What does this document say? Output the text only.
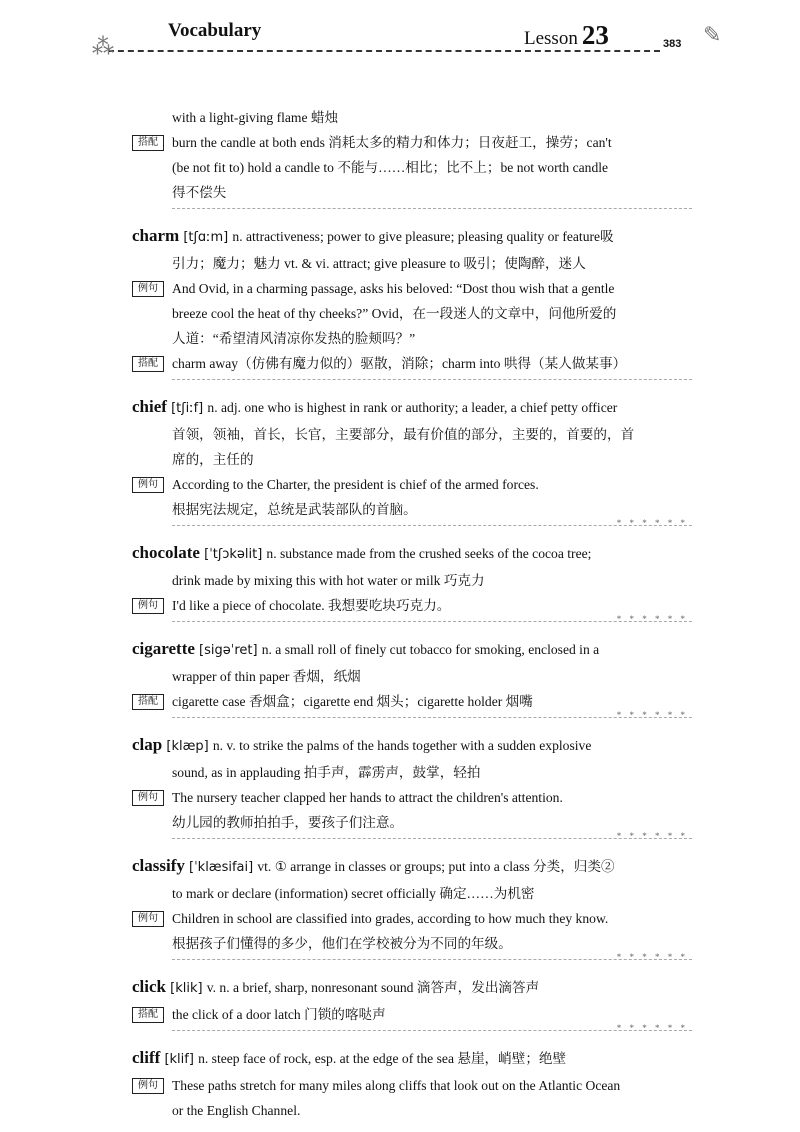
Vocabulary	Lesson 23	383
⁂	✎
with a light-giving flame 蜡烛
搭配	burn the candle at both ends 消耗太多的精力和体力；日夜赶工，操劳；can't
(be not fit to) hold a candle to 不能与……相比；比不上；be not worth candle
得不偿失
charm [tʃɑːm] n. attractiveness; power to give pleasure; pleasing quality or feature吸
引力；魔力；魅力 vt. & vi. attract; give pleasure to 吸引；使陶醉，迷人
例句	And Ovid, in a charming passage, asks his beloved: “Dost thou wish that a gentle
breeze cool the heat of thy cheeks?” Ovid，在一段迷人的文章中，问他所爱的
人道：“希望清风清凉你发热的脸颊吗？”
搭配	charm away（仿佛有魔力似的）驱散，消除；charm into 哄得（某人做某事）
chief [tʃiːf] n. adj. one who is highest in rank or authority; a leader, a chief petty officer
首领，领袖，首长，长官，主要部分，最有价值的部分，主要的，首要的，首
席的，主任的
例句	According to the Charter, the president is chief of the armed forces.
根据宪法规定，总统是武装部队的首脑。
* * * * * *
chocolate [ˈtʃɔkəlit] n. substance made from the crushed seeks of the cocoa tree;
drink made by mixing this with hot water or milk 巧克力
例句	I'd like a piece of chocolate. 我想要吃块巧克力。
* * * * * *
cigarette [sigəˈret] n. a small roll of finely cut tobacco for smoking, enclosed in a
wrapper of thin paper 香烟，纸烟
搭配	cigarette case 香烟盒；cigarette end 烟头；cigarette holder 烟嘴
* * * * * *
clap [klæp] n. v. to strike the palms of the hands together with a sudden explosive
sound, as in applauding 拍手声，霹雳声，鼓掌，轻拍
例句	The nursery teacher clapped her hands to attract the children's attention.
幼儿园的教师拍拍手，要孩子们注意。
* * * * * *
classify [ˈklæsifai] vt. ① arrange in classes or groups; put into a class 分类，归类②
to mark or declare (information) secret officially 确定……为机密
例句	Children in school are classified into grades, according to how much they know.
根据孩子们懂得的多少，他们在学校被分为不同的年级。
* * * * * *
click [klik] v. n. a brief, sharp, nonresonant sound 滴答声，发出滴答声
搭配	the click of a door latch 门锁的喀哒声
* * * * * *
cliff [klif] n. steep face of rock, esp. at the edge of the sea 悬崖，峭壁；绝壁
例句	These paths stretch for many miles along cliffs that look out on the Atlantic Ocean
or the English Channel.
